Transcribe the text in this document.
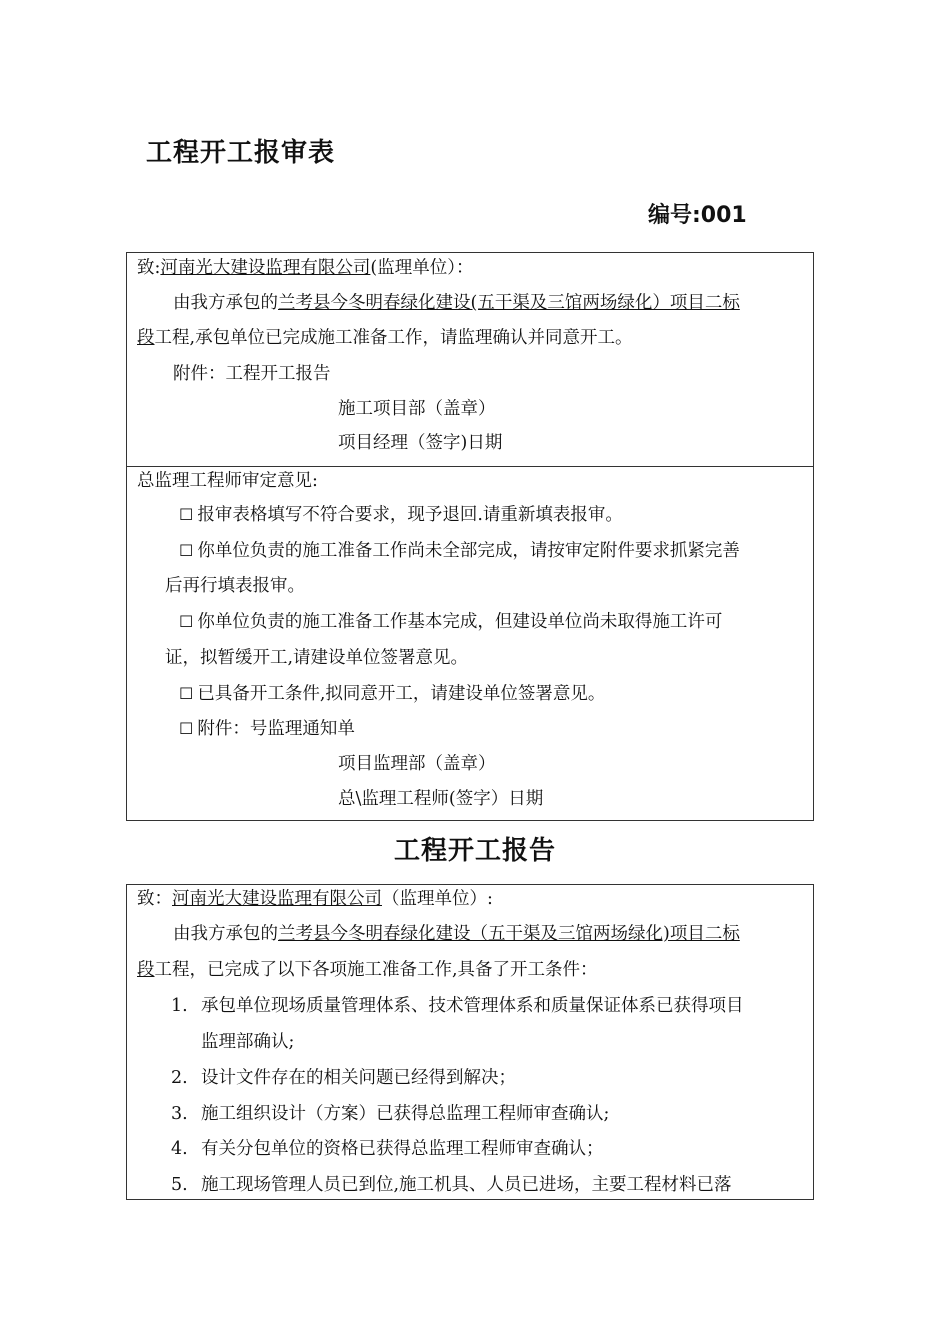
工程开工报审表
编号:001
致:河南光大建设监理有限公司(监理单位）：
由我方承包的兰考县今冬明春绿化建设(五干渠及三馆两场绿化）项目二标
段工程,承包单位已完成施工准备工作，请监理确认并同意开工。
附件：工程开工报告
施工项目部（盖章）
项目经理（签字)日期
总监理工程师审定意见:
☐ 报审表格填写不符合要求，现予退回.请重新填表报审。
☐ 你单位负责的施工准备工作尚未全部完成，请按审定附件要求抓紧完善
后再行填表报审。
☐ 你单位负责的施工准备工作基本完成，但建设单位尚未取得施工许可
证，拟暂缓开工,请建设单位签署意见。
☐ 已具备开工条件,拟同意开工，请建设单位签署意见。
☐ 附件：号监理通知单
项目监理部（盖章）
总\监理工程师(签字）日期
工程开工报告
致：河南光大建设监理有限公司（监理单位）:
由我方承包的兰考县今冬明春绿化建设（五干渠及三馆两场绿化)项目二标
段工程，已完成了以下各项施工准备工作,具备了开工条件：
1. 承包单位现场质量管理体系、技术管理体系和质量保证体系已获得项目
监理部确认;
2. 设计文件存在的相关问题已经得到解决；
3. 施工组织设计（方案）已获得总监理工程师审查确认;
4. 有关分包单位的资格已获得总监理工程师审查确认；
5. 施工现场管理人员已到位,施工机具、人员已进场，主要工程材料已落
